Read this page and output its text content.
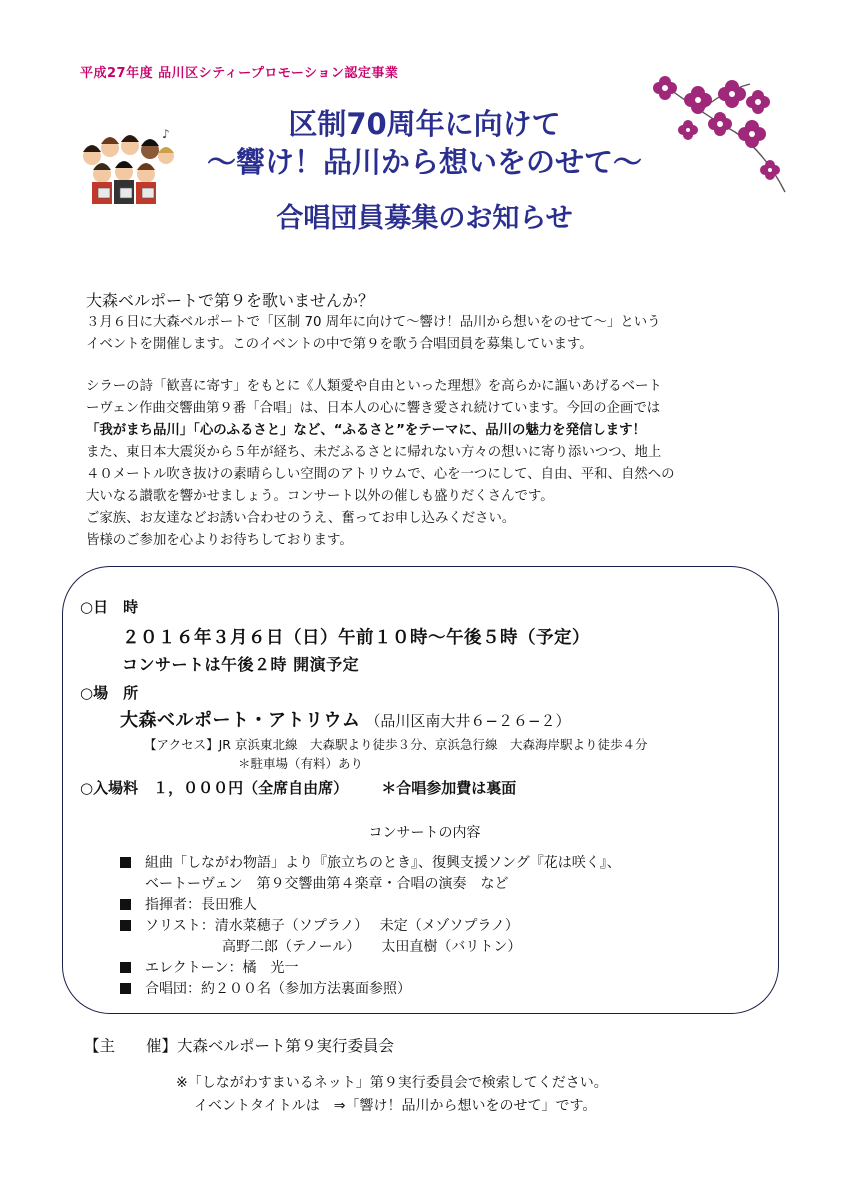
平成27年度 品川区シティープロモーション認定事業
♪	区制70周年に向けて
〜響け！品川から想いをのせて〜
合唱団員募集のお知らせ
大森ベルポートで第９を歌いませんか？
３月６日に大森ベルポートで「区制 70 周年に向けて〜響け！品川から想いをのせて〜」という
イベントを開催します。このイベントの中で第９を歌う合唱団員を募集しています。
シラーの詩「歓喜に寄す」をもとに《人類愛や自由といった理想》を高らかに謳いあげるベート
ーヴェン作曲交響曲第９番「合唱」は、日本人の心に響き愛され続けています。今回の企画では
「我がまち品川」「心のふるさと」など、“ふるさと”をテーマに、品川の魅力を発信します！
また、東日本大震災から５年が経ち、未だふるさとに帰れない方々の想いに寄り添いつつ、地上
４０メートル吹き抜けの素晴らしい空間のアトリウムで、心を一つにして、自由、平和、自然への
大いなる讃歌を響かせましょう。コンサート以外の催しも盛りだくさんです。
ご家族、お友達などお誘い合わせのうえ、奮ってお申し込みください。
皆様のご参加を心よりお待ちしております。
○日　時
２０１６年３月６日（日）午前１０時〜午後５時（予定）
コンサートは午後２時 開演予定
○場　所
大森ベルポート・アトリウム （品川区南大井６−２６−２）
【アクセス】JR 京浜東北線　大森駅より徒歩３分、京浜急行線　大森海岸駅より徒歩４分
＊駐車場（有料）あり
○入場料　１，０００円（全席自由席） ＊合唱参加費は裏面
コンサートの内容
組曲「しながわ物語」より『旅立ちのとき』、復興支援ソング『花は咲く』、
ベートーヴェン　第９交響曲第４楽章・合唱の演奏　など
指揮者：長田雅人
ソリスト：清水菜穂子（ソプラノ）　 未定（メゾソプラノ）
高野二郎（テノール）　　太田直樹（バリトン）
エレクトーン：橘　光一
合唱団：約２００名（参加方法裏面参照）
【主　　催】大森ベルポート第９実行委員会
※「しながわすまいるネット」第９実行委員会で検索してください。
イベントタイトルは　⇒「響け！品川から想いをのせて」です。
